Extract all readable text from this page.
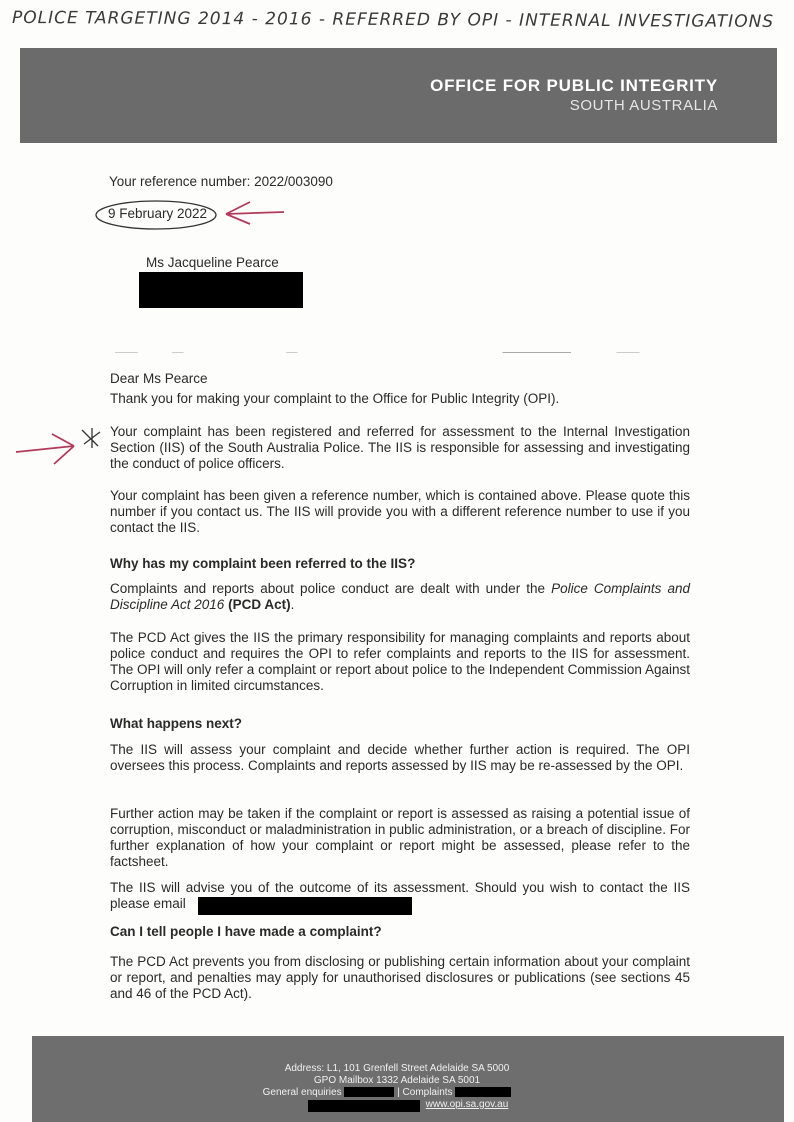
POLICE TARGETING 2014 - 2016 - REFERRED BY OPI - INTERNAL INVESTIGATIONS
OFFICE FOR PUBLIC INTEGRITY
SOUTH AUSTRALIA
Your reference number: 2022/003090
9 February 2022
Ms Jacqueline Pearce
Dear Ms Pearce
Thank you for making your complaint to the Office for Public Integrity (OPI).
Your complaint has been registered and referred for assessment to the Internal Investigation Section (IIS) of the South Australia Police. The IIS is responsible for assessing and investigating the conduct of police officers.
Your complaint has been given a reference number, which is contained above. Please quote this number if you contact us. The IIS will provide you with a different reference number to use if you contact the IIS.
Why has my complaint been referred to the IIS?
Complaints and reports about police conduct are dealt with under the Police Complaints and Discipline Act 2016 (PCD Act).
The PCD Act gives the IIS the primary responsibility for managing complaints and reports about police conduct and requires the OPI to refer complaints and reports to the IIS for assessment. The OPI will only refer a complaint or report about police to the Independent Commission Against Corruption in limited circumstances.
What happens next?
The IIS will assess your complaint and decide whether further action is required. The OPI oversees this process. Complaints and reports assessed by IIS may be re-assessed by the OPI.
Further action may be taken if the complaint or report is assessed as raising a potential issue of corruption, misconduct or maladministration in public administration, or a breach of discipline. For further explanation of how your complaint or report might be assessed, please refer to the factsheet.
The IIS will advise you of the outcome of its assessment. Should you wish to contact the IIS please email
Can I tell people I have made a complaint?
The PCD Act prevents you from disclosing or publishing certain information about your complaint or report, and penalties may apply for unauthorised disclosures or publications (see sections 45 and 46 of the PCD Act).
Address: L1, 101 Grenfell Street Adelaide SA 5000
GPO Mailbox 1332 Adelaide SA 5001
General enquiries	| Complaints
www.opi.sa.gov.au
